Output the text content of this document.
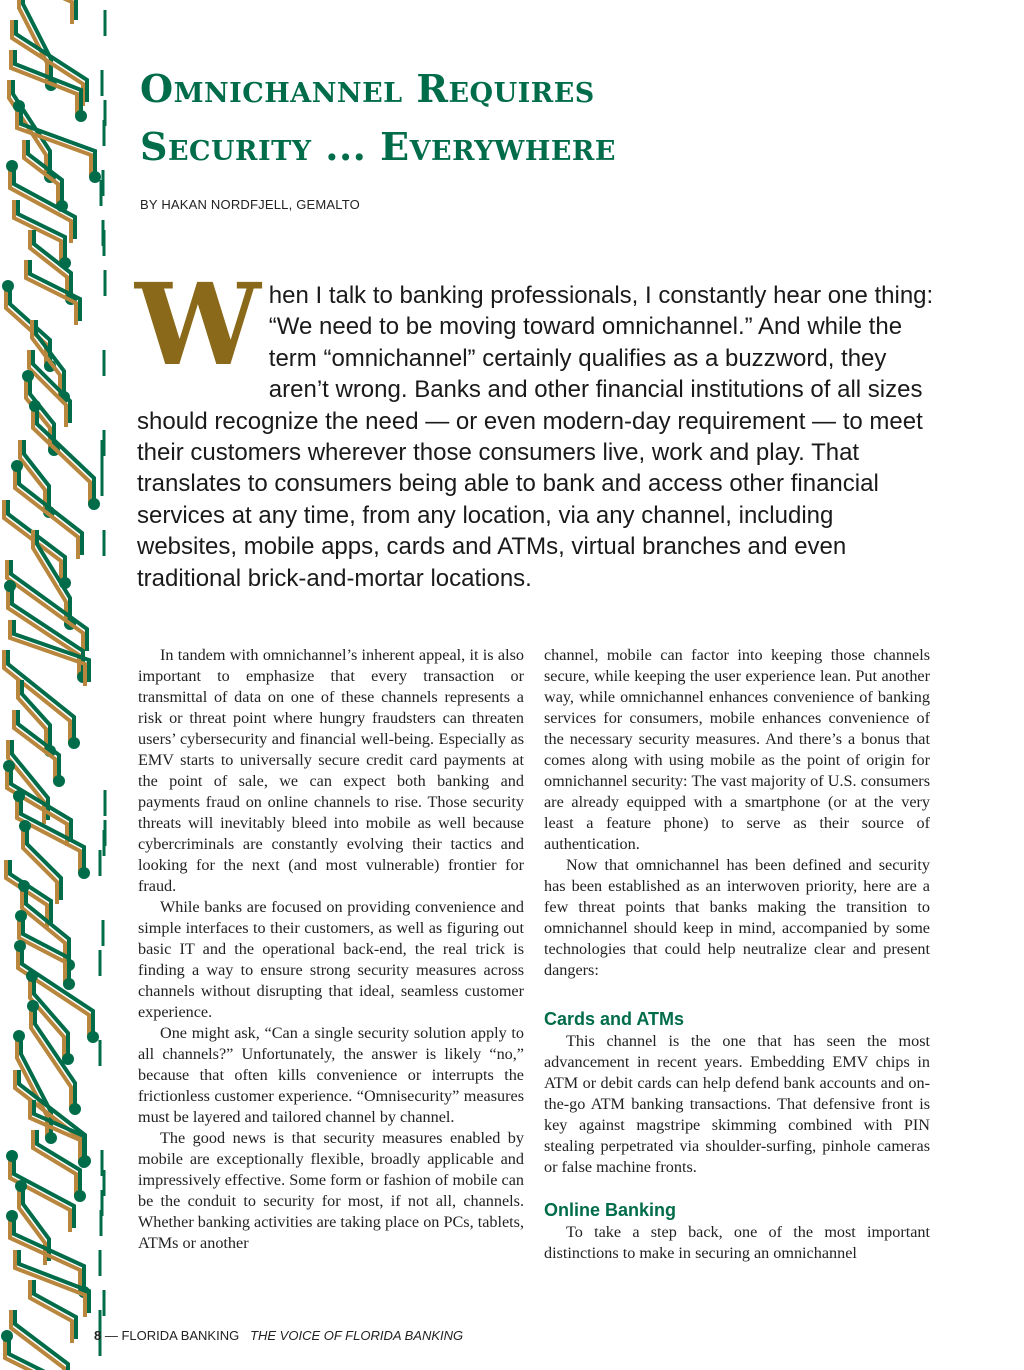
Omnichannel Requires
Security ... Everywhere
BY HAKAN NORDFJELL, GEMALTO
W hen I talk to banking professionals, I constantly hear one thing: “We need to be moving toward omnichannel.” And while the term “omnichannel” certainly qualifies as a buzzword, they aren’t wrong. Banks and other financial institutions of all sizes should recognize the need — or even modern-day requirement — to meet their customers wherever those consumers live, work and play. That translates to consumers being able to bank and access other financial services at any time, from any location, via any channel, including websites, mobile apps, cards and ATMs, virtual branches and even traditional brick-and-mortar locations.

In tandem with omnichannel’s inherent appeal, it is also important to emphasize that every transaction or transmittal of data on one of these channels represents a risk or threat point where hungry fraudsters can threaten users’ cybersecurity and financial well-being. Especially as EMV starts to universally secure credit card payments at the point of sale, we can expect both banking and payments fraud on online channels to rise. Those security threats will inevitably bleed into mobile as well because cybercriminals are constantly evolving their tactics and looking for the next (and most vulnerable) frontier for fraud.

While banks are focused on providing convenience and simple interfaces to their customers, as well as figuring out basic IT and the operational back-end, the real trick is finding a way to ensure strong security measures across channels without disrupting that ideal, seamless customer experience.

One might ask, “Can a single security solution apply to all channels?” Unfortunately, the answer is likely “no,” because that often kills convenience or interrupts the frictionless customer experience. “Omnisecurity” measures must be layered and tailored channel by channel.

The good news is that security measures enabled by mobile are exceptionally flexible, broadly applicable and impressively effective. Some form or fashion of mobile can be the conduit to security for most, if not all, channels. Whether banking activities are taking place on PCs, tablets, ATMs or another

channel, mobile can factor into keeping those channels secure, while keeping the user experience lean. Put another way, while omnichannel enhances convenience of banking services for consumers, mobile enhances convenience of the necessary security measures. And there’s a bonus that comes along with using mobile as the point of origin for omnichannel security: The vast majority of U.S. consumers are already equipped with a smartphone (or at the very least a feature phone) to serve as their source of authentication.

Now that omnichannel has been defined and security has been established as an interwoven priority, here are a few threat points that banks making the transition to omnichannel should keep in mind, accompanied by some technologies that could help neutralize clear and present dangers:

Cards and ATMs

This channel is the one that has seen the most advancement in recent years. Embedding EMV chips in ATM or debit cards can help defend bank accounts and on-the-go ATM banking transactions. That defensive front is key against magstripe skimming combined with PIN stealing perpetrated via shoulder-surfing, pinhole cameras or false machine fronts.

Online Banking

To take a step back, one of the most important distinctions to make in securing an omnichannel

8 — FLORIDA BANKING THE VOICE OF FLORIDA BANKING
